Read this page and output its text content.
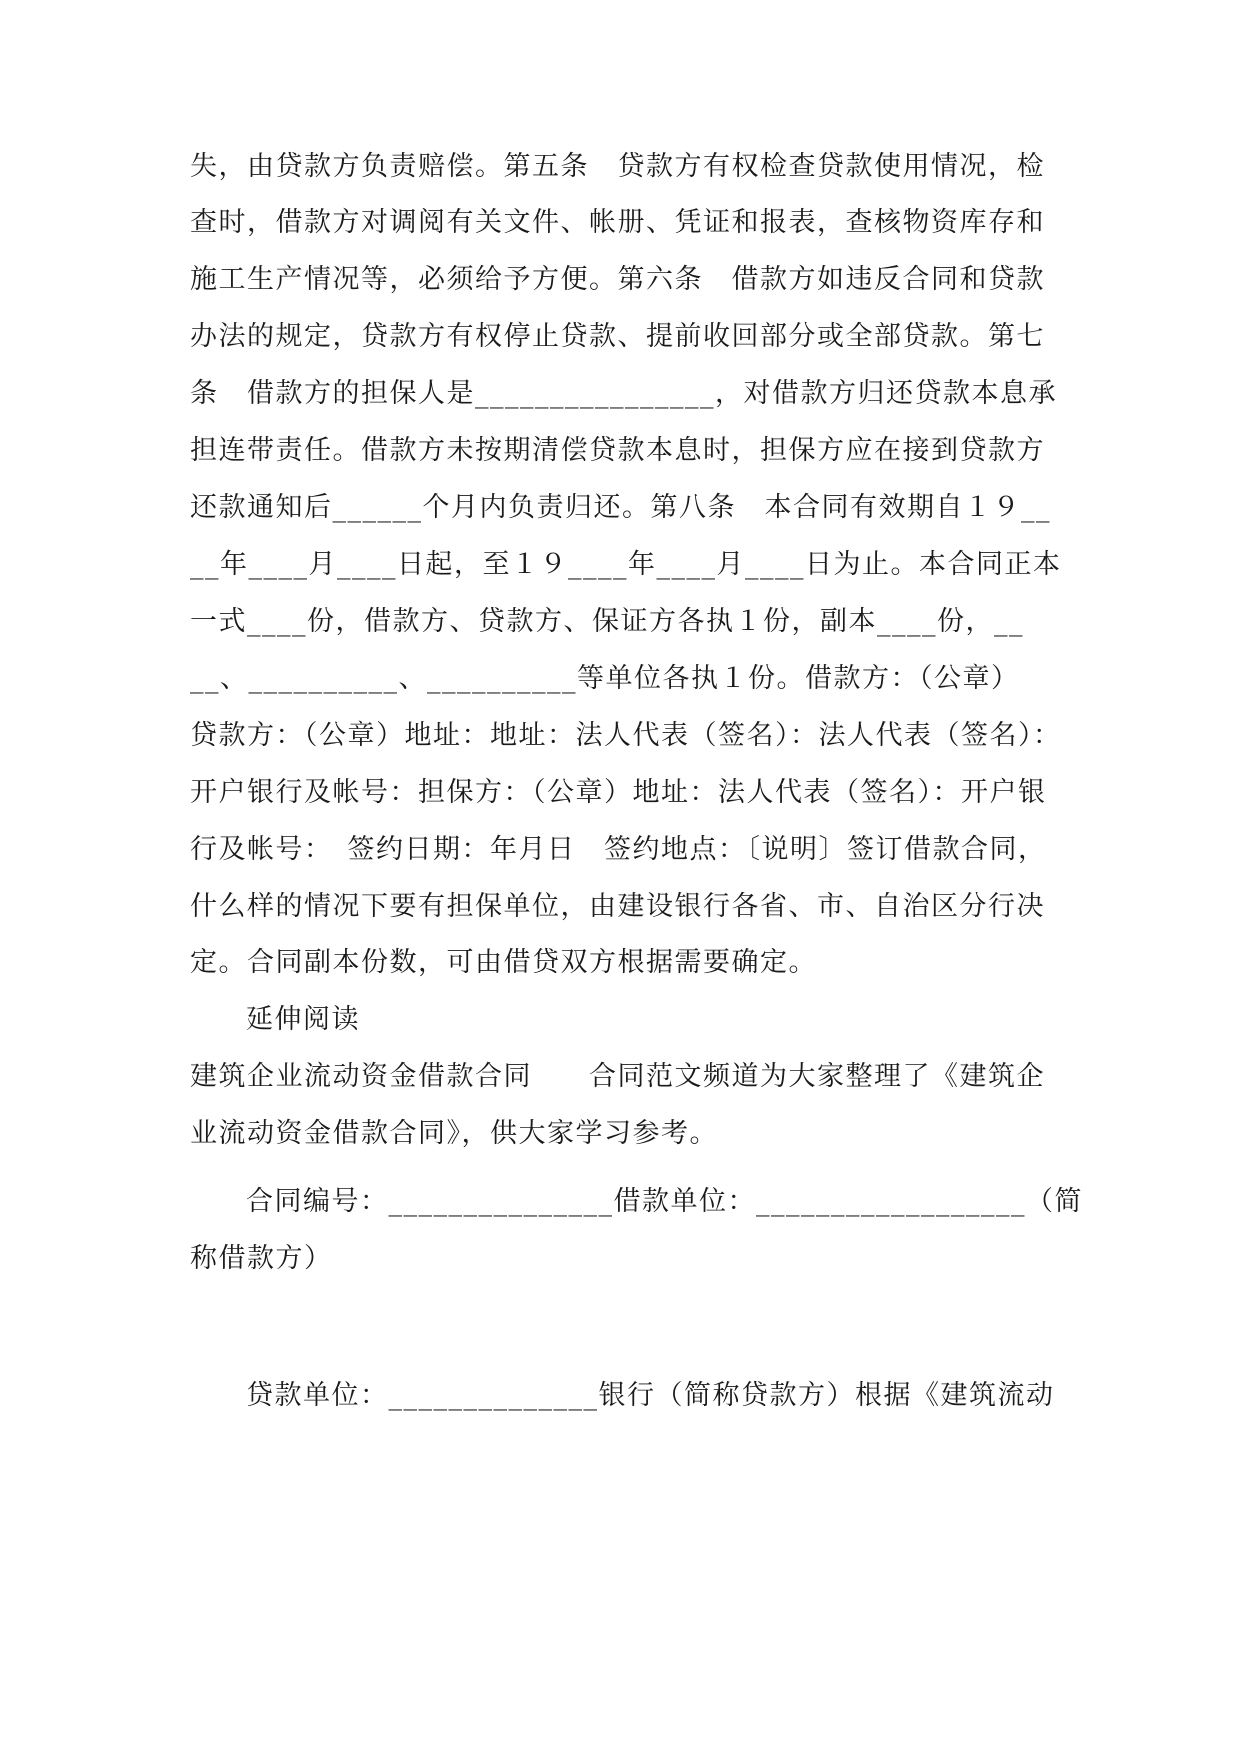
失，由贷款方负责赔偿。第五条　贷款方有权检查贷款使用情况，检

查时，借款方对调阅有关文件、帐册、凭证和报表，查核物资库存和

施工生产情况等，必须给予方便。第六条　借款方如违反合同和贷款

办法的规定，贷款方有权停止贷款、提前收回部分或全部贷款。第七

条　借款方的担保人是________________，对借款方归还贷款本息承

担连带责任。借款方未按期清偿贷款本息时，担保方应在接到贷款方

还款通知后______个月内负责归还。第八条　本合同有效期自１９__

__年____月____日起，至１９____年____月____日为止。本合同正本

一式____份，借款方、贷款方、保证方各执１份，副本____份，__

__、__________、__________等单位各执１份。借款方：（公章）

贷款方：（公章）地址：地址：法人代表（签名）：法人代表（签名）：

开户银行及帐号：担保方：（公章）地址：法人代表（签名）：开户银

行及帐号：　签约日期：年月日　签约地点：〔说明〕签订借款合同，

什么样的情况下要有担保单位，由建设银行各省、市、自治区分行决

定。合同副本份数，可由借贷双方根据需要确定。

延伸阅读

建筑企业流动资金借款合同　　合同范文频道为大家整理了《建筑企

业流动资金借款合同》，供大家学习参考。

合同编号：_______________借款单位：__________________（简

称借款方）

贷款单位：______________银行（简称贷款方）根据《建筑流动
